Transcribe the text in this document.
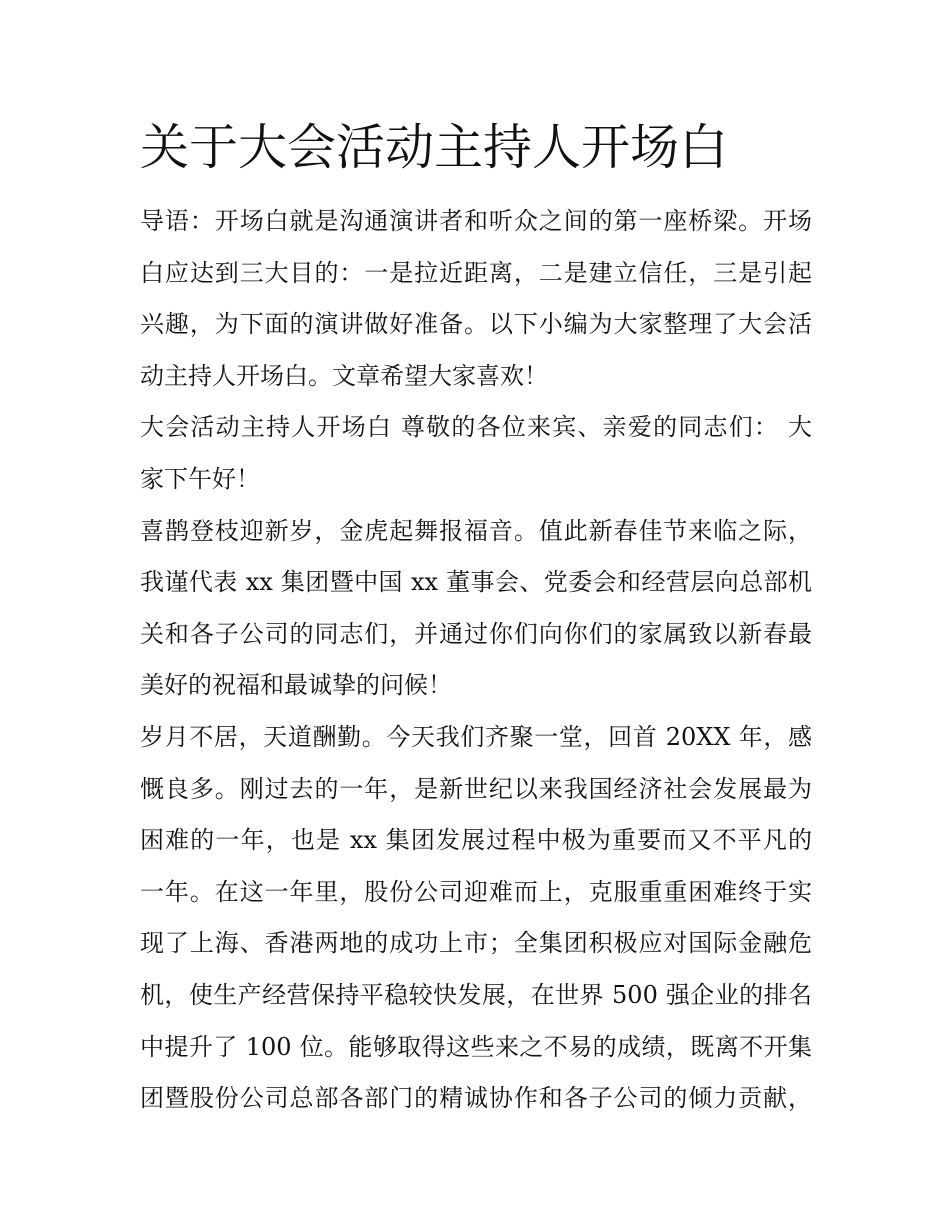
关于大会活动主持人开场白
导语：开场白就是沟通演讲者和听众之间的第一座桥梁。开场
白应达到三大目的：一是拉近距离，二是建立信任，三是引起
兴趣，为下面的演讲做好准备。以下小编为大家整理了大会活
动主持人开场白。文章希望大家喜欢！
大会活动主持人开场白 尊敬的各位来宾、亲爱的同志们： 大
家下午好！
喜鹊登枝迎新岁，金虎起舞报福音。值此新春佳节来临之际，
我谨代表 xx 集团暨中国 xx 董事会、党委会和经营层向总部机
关和各子公司的同志们，并通过你们向你们的家属致以新春最
美好的祝福和最诚挚的问候！
岁月不居，天道酬勤。今天我们齐聚一堂，回首 20XX 年，感
慨良多。刚过去的一年，是新世纪以来我国经济社会发展最为
困难的一年，也是 xx 集团发展过程中极为重要而又不平凡的
一年。在这一年里，股份公司迎难而上，克服重重困难终于实
现了上海、香港两地的成功上市；全集团积极应对国际金融危
机，使生产经营保持平稳较快发展，在世界 500 强企业的排名
中提升了 100 位。能够取得这些来之不易的成绩，既离不开集
团暨股份公司总部各部门的精诚协作和各子公司的倾力贡献，
